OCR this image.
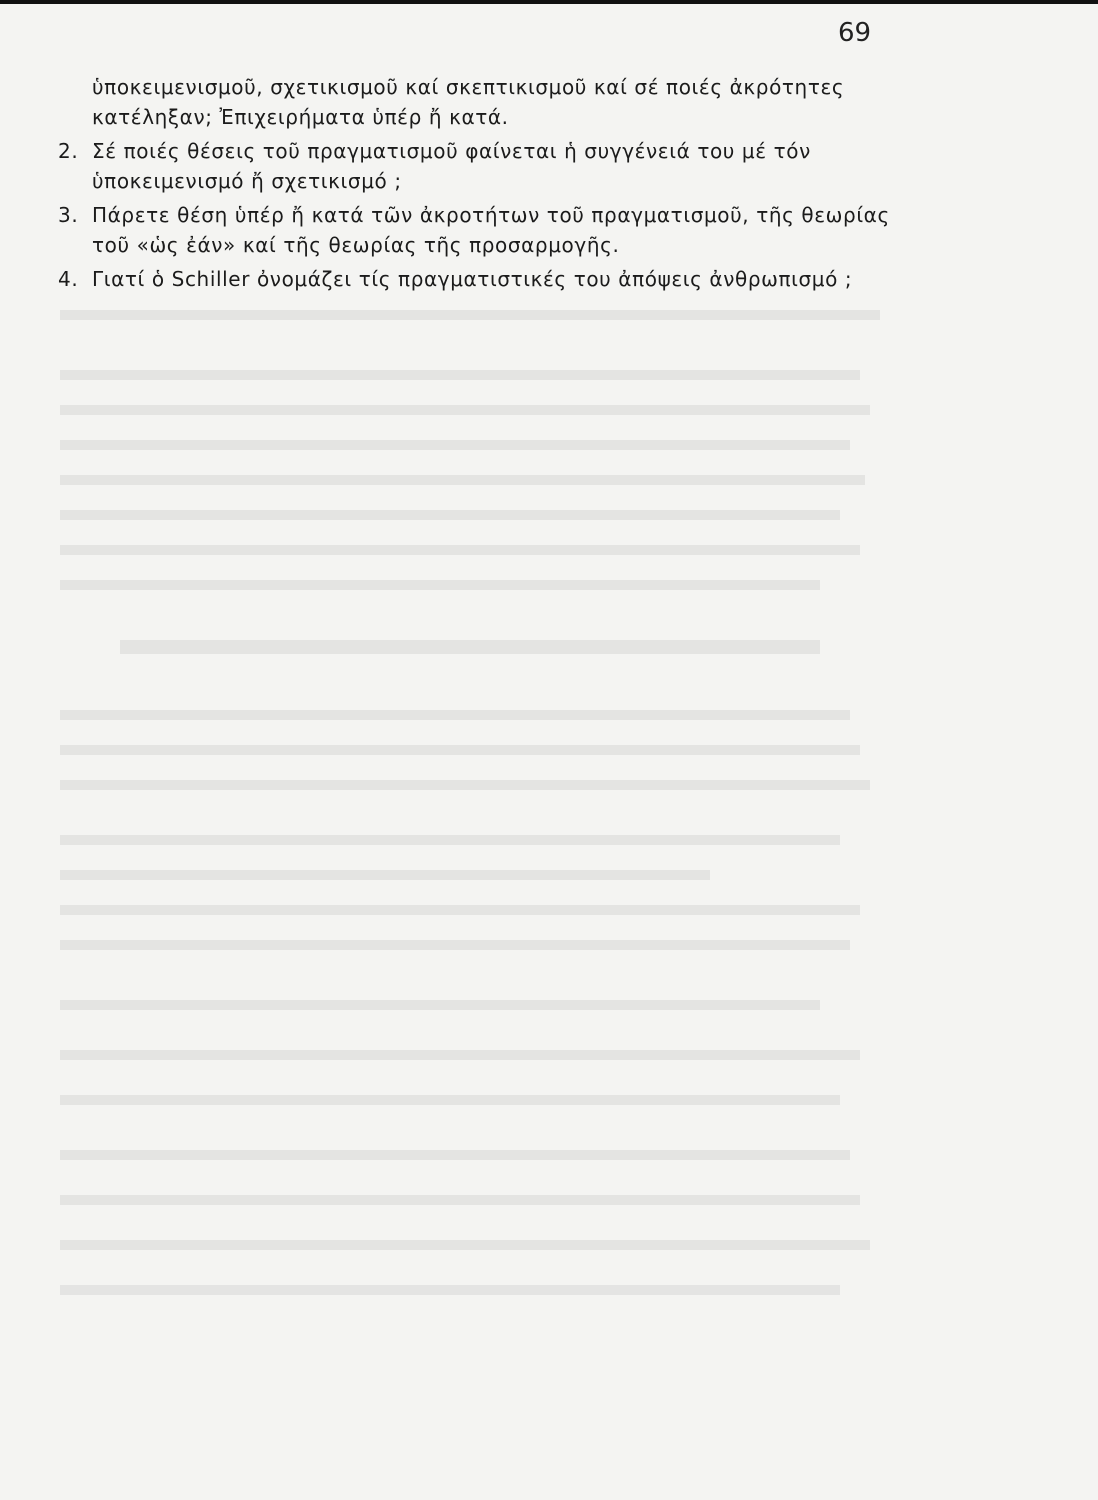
69
ὑποκειμενισμοῦ, σχετικισμοῦ καί σκεπτικισμοῦ καί σέ ποιές ἀκρότητες κατέληξαν; Ἐπιχειρήματα ὑπέρ ἤ κατά.
2. Σέ ποιές θέσεις τοῦ πραγματισμοῦ φαίνεται ἡ συγγένειά του μέ τόν ὑποκειμενισμό ἤ σχετικισμό ;
3. Πάρετε θέση ὑπέρ ἤ κατά τῶν ἀκροτήτων τοῦ πραγματισμοῦ, τῆς θεωρίας τοῦ «ὡς ἐάν» καί τῆς θεωρίας τῆς προσαρμογῆς.
4. Γιατί ὁ Schiller ὀνομάζει τίς πραγματιστικές του ἀπόψεις ἀνθρωπισμό ;
